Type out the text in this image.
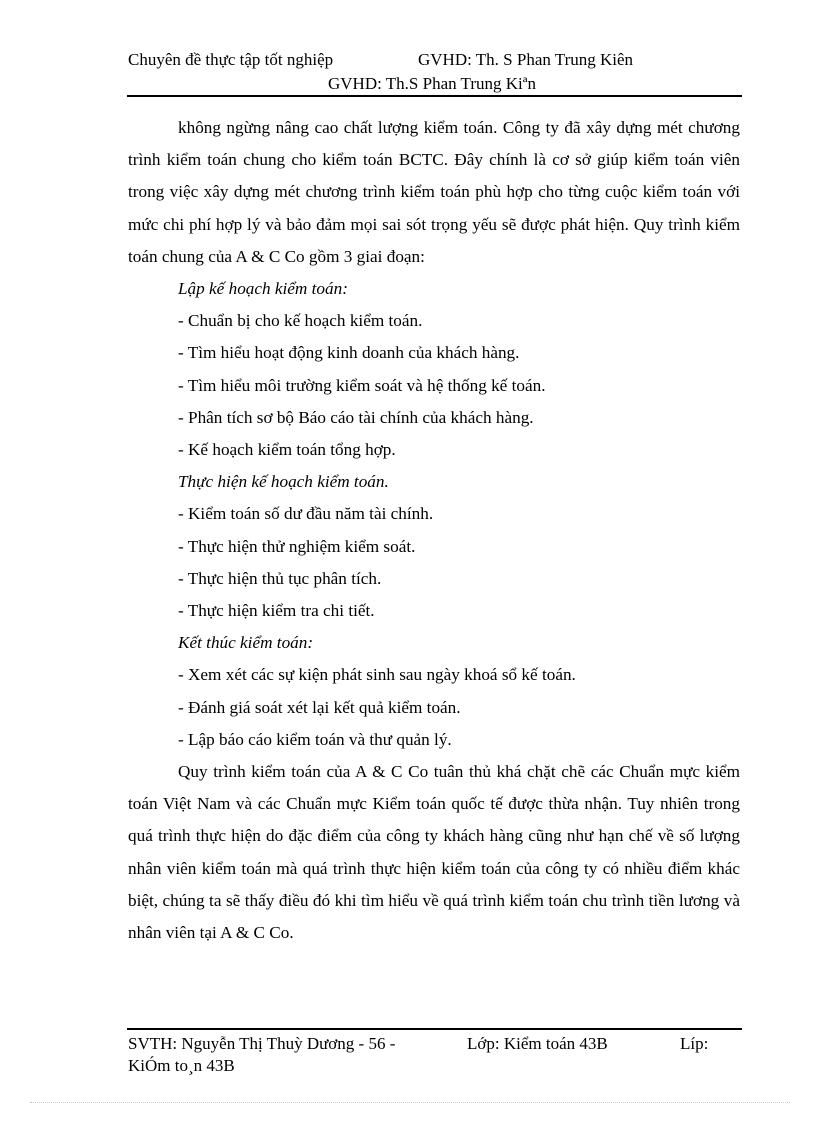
Chuyên đề thực tập tốt nghiệp	GVHD: Th. S Phan Trung Kiên
GVHD: Th.S Phan Trung Kiªn

không ngừng nâng cao chất lượng kiểm toán. Công ty đã xây dựng mét chương trình kiểm toán chung cho kiểm toán BCTC. Đây chính là cơ sở giúp kiểm toán viên trong việc xây dựng mét chương trình kiểm toán phù hợp cho từng cuộc kiểm toán với mức chi phí hợp lý và bảo đảm mọi sai sót trọng yếu sẽ được phát hiện. Quy trình kiểm toán chung của A & C Co gồm 3 giai đoạn:

Lập kế hoạch kiểm toán:

- Chuẩn bị cho kế hoạch kiểm toán.

- Tìm hiểu hoạt động kinh doanh của khách hàng.

- Tìm hiểu môi trường kiểm soát và hệ thống kế toán.

- Phân tích sơ bộ Báo cáo tài chính của khách hàng.

- Kế hoạch kiểm toán tổng hợp.

Thực hiện kế hoạch kiểm toán.

- Kiểm toán số dư đầu năm tài chính.

- Thực hiện thử nghiệm kiểm soát.

- Thực hiện thủ tục phân tích.

- Thực hiện kiểm tra chi tiết.

Kết thúc kiểm toán:

- Xem xét các sự kiện phát sinh sau ngày khoá sổ kế toán.

- Đánh giá soát xét lại kết quả kiểm toán.

- Lập báo cáo kiểm toán và thư quản lý.

Quy trình kiểm toán của A & C Co tuân thủ khá chặt chẽ các Chuẩn mực kiểm toán Việt Nam và các Chuẩn mực Kiểm toán quốc tế được thừa nhận. Tuy nhiên trong quá trình thực hiện do đặc điểm của công ty khách hàng cũng như hạn chế về số lượng nhân viên kiểm toán mà quá trình thực hiện kiểm toán của công ty có nhiều điểm khác biệt, chúng ta sẽ thấy điều đó khi tìm hiểu về quá trình kiểm toán chu trình tiền lương và nhân viên tại A & C Co.

SVTH: Nguyễn Thị Thuỳ Dương - 56 -	Lớp: Kiểm toán 43B	Líp:
KiÓm to¸n 43B
